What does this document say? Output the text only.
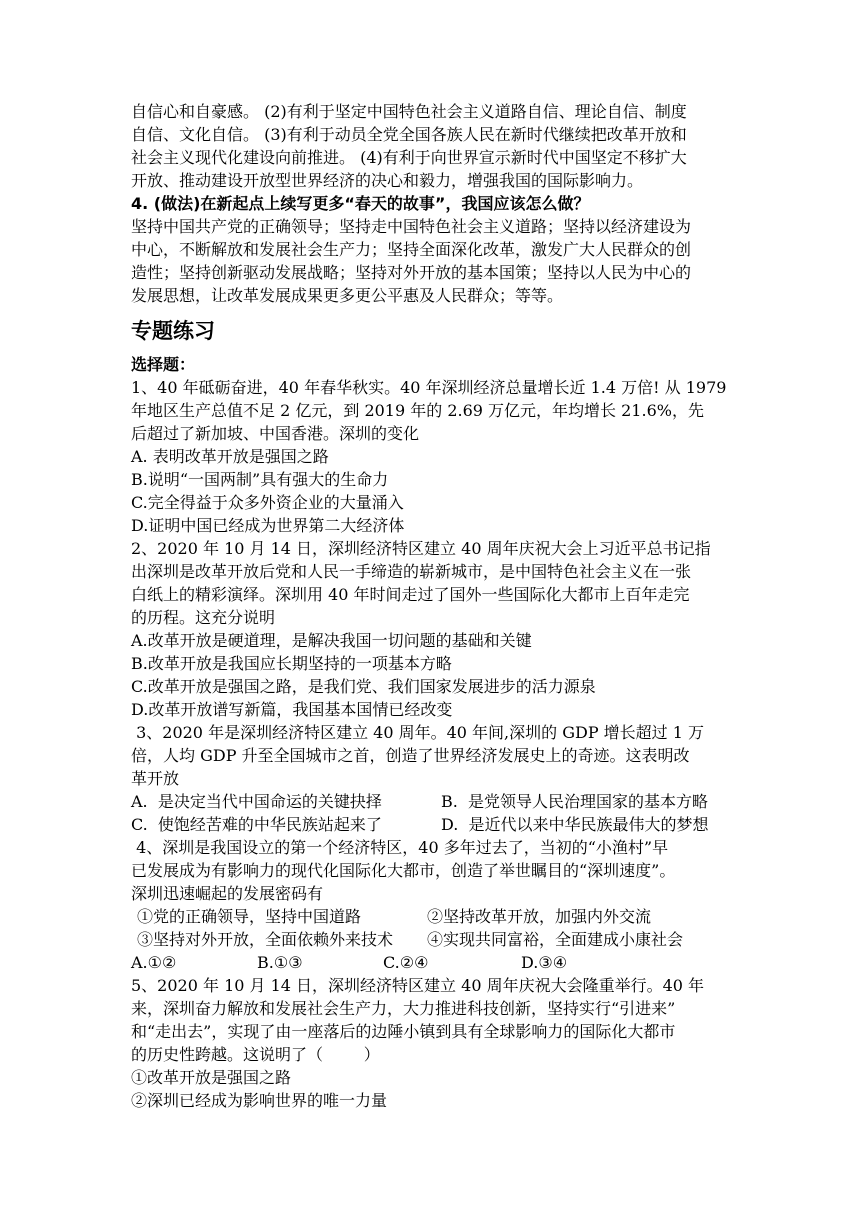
自信心和自豪感。 (2)有利于坚定中国特色社会主义道路自信、理论自信、制度

自信、文化自信。 (3)有利于动员全党全国各族人民在新时代继续把改革开放和

社会主义现代化建设向前推进。 (4)有利于向世界宣示新时代中国坚定不移扩大

开放、推动建设开放型世界经济的决心和毅力，增强我国的国际影响力。

4. (做法)在新起点上续写更多“春天的故事”，我国应该怎么做？

坚持中国共产党的正确领导；坚持走中国特色社会主义道路；坚持以经济建设为

中心，不断解放和发展社会生产力；坚持全面深化改革，激发广大人民群众的创

造性；坚持创新驱动发展战略；坚持对外开放的基本国策；坚持以人民为中心的

发展思想，让改革发展成果更多更公平惠及人民群众；等等。

专题练习

选择题：

1、40 年砥砺奋进，40 年春华秋实。40 年深圳经济总量增长近 1.4 万倍! 从 1979

年地区生产总值不足 2 亿元，到 2019 年的 2.69 万亿元，年均增长 21.6%，先

后超过了新加坡、中国香港。深圳的变化

A. 表明改革开放是强国之路

B.说明“一国两制”具有强大的生命力

C.完全得益于众多外资企业的大量涌入

D.证明中国已经成为世界第二大经济体

2、2020 年 10 月 14 日，深圳经济特区建立 40 周年庆祝大会上习近平总书记指

出深圳是改革开放后党和人民一手缔造的崭新城市，是中国特色社会主义在一张

白纸上的精彩演绎。深圳用 40 年时间走过了国外一些国际化大都市上百年走完

的历程。这充分说明

A.改革开放是硬道理，是解决我国一切问题的基础和关键

B.改革开放是我国应长期坚持的一项基本方略

C.改革开放是强国之路，是我们党、我们国家发展进步的活力源泉

D.改革开放谱写新篇，我国基本国情已经改变

3、2020 年是深圳经济特区建立 40 周年。40 年间,深圳的 GDP 增长超过 1 万

倍，人均 GDP 升至全国城市之首，创造了世界经济发展史上的奇迹。这表明改

革开放

A.  是决定当代中国命运的关键抉择	B.  是党领导人民治理国家的基本方略
C.  使饱经苦难的中华民族站起来了	D.  是近代以来中华民族最伟大的梦想

4、深圳是我国设立的第一个经济特区，40 多年过去了，当初的“小渔村”早

已发展成为有影响力的现代化国际化大都市，创造了举世瞩目的“深圳速度”。

深圳迅速崛起的发展密码有

①党的正确领导，坚持中国道路	②坚持改革开放，加强内外交流
③坚持对外开放，全面依赖外来技术	④实现共同富裕，全面建成小康社会
A.①②	B.①③	C.②④	D.③④

5、2020 年 10 月 14 日，深圳经济特区建立 40 周年庆祝大会隆重举行。40 年

来，深圳奋力解放和发展社会生产力，大力推进科技创新，坚持实行“引进来”

和“走出去”，实现了由一座落后的边陲小镇到具有全球影响力的国际化大都市

的历史性跨越。这说明了（        ）

①改革开放是强国之路

②深圳已经成为影响世界的唯一力量
